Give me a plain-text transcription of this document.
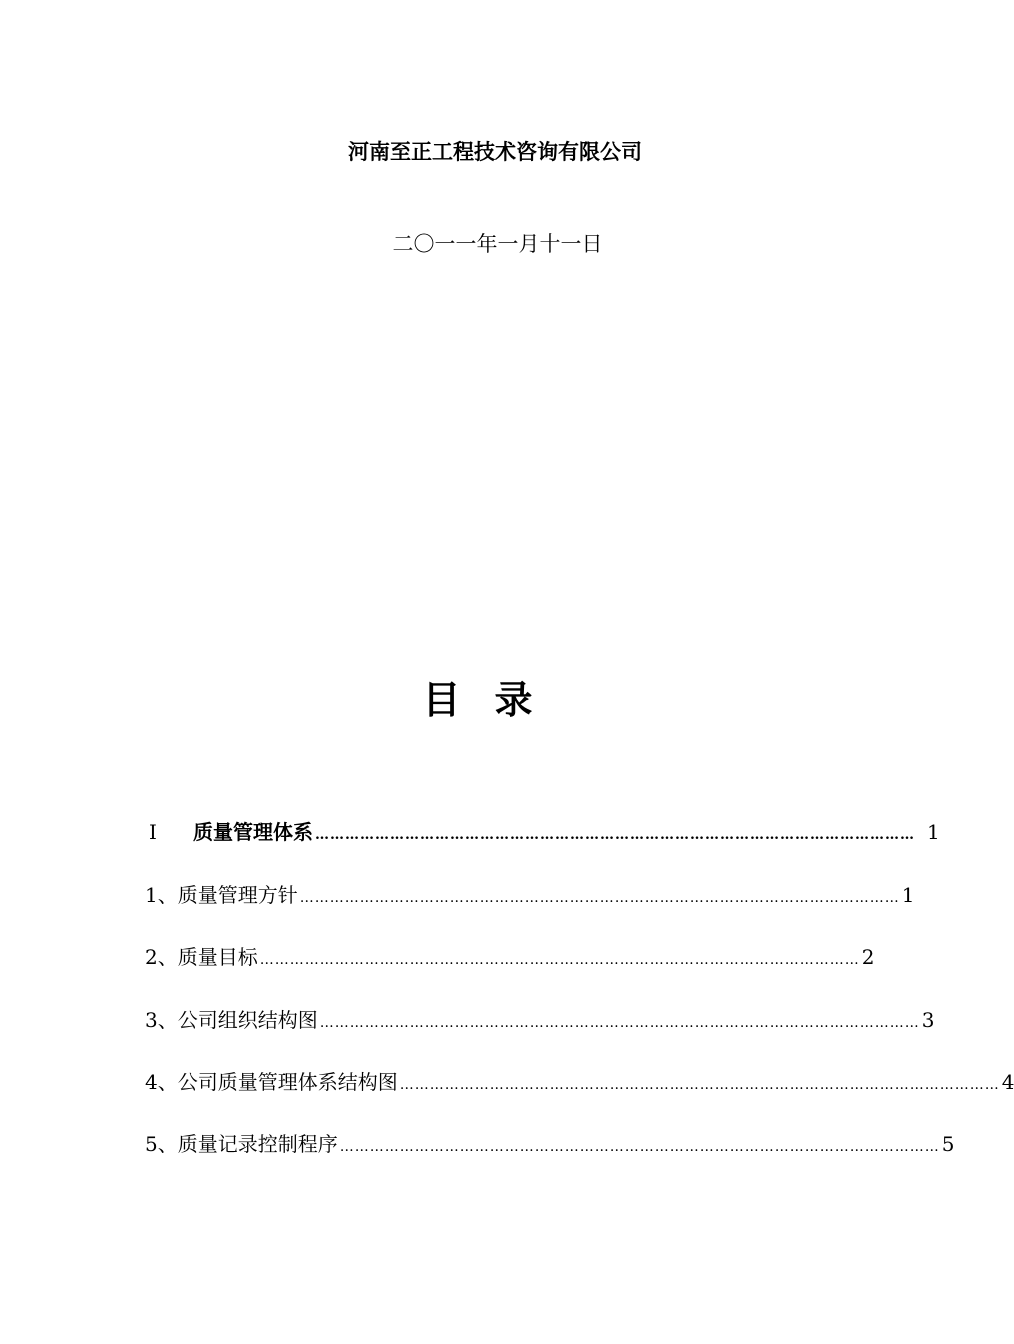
河南至正工程技术咨询有限公司
二〇一一年一月十一日
目 录
Ⅰ	质量管理体系 ………………………………………………………………………………………………………… 1
1、 质量管理方针 ………………………………………………………………………………………………………… 1
2、 质量目标 ………………………………………………………………………………………………………… 2
3、 公司组织结构图 ………………………………………………………………………………………………………… 3
4、 公司质量管理体系结构图 ………………………………………………………………………………………………………… 4
5、 质量记录控制程序 ………………………………………………………………………………………………………… 5
